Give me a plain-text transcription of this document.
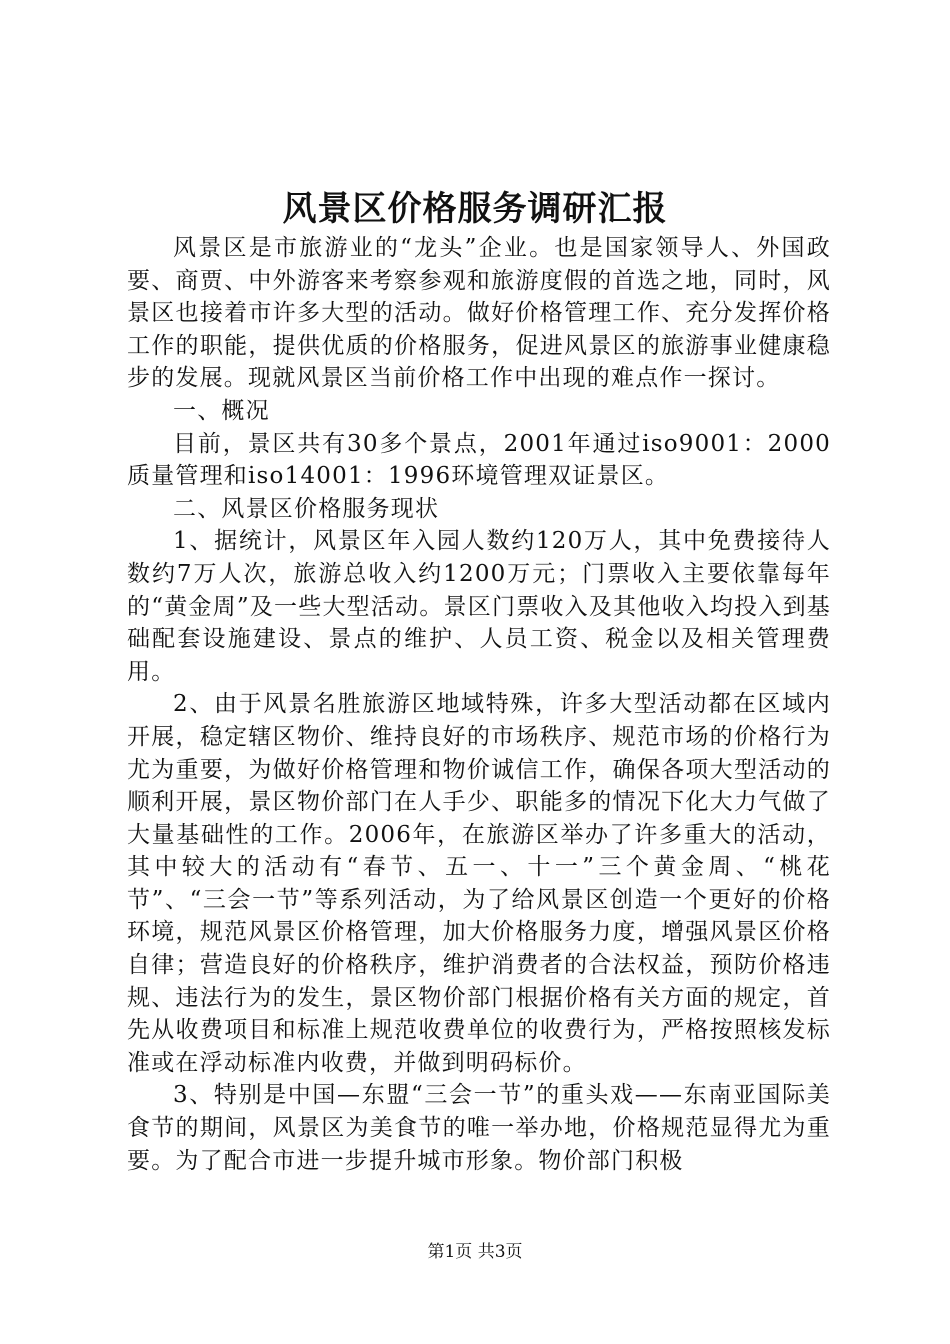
风景区价格服务调研汇报

风景区是市旅游业的“龙头”企业。也是国家领导人、外国政要、商贾、中外游客来考察参观和旅游度假的首选之地，同时，风景区也接着市许多大型的活动。做好价格管理工作、充分发挥价格工作的职能，提供优质的价格服务，促进风景区的旅游事业健康稳步的发展。现就风景区当前价格工作中出现的难点作一探讨。

一、概况

目前，景区共有30多个景点，2001年通过iso9001：2000质量管理和iso14001：1996环境管理双证景区。

二、风景区价格服务现状

1、据统计，风景区年入园人数约120万人，其中免费接待人数约7万人次，旅游总收入约1200万元；门票收入主要依靠每年的“黄金周”及一些大型活动。景区门票收入及其他收入均投入到基础配套设施建设、景点的维护、人员工资、税金以及相关管理费用。

2、由于风景名胜旅游区地域特殊，许多大型活动都在区域内开展，稳定辖区物价、维持良好的市场秩序、规范市场的价格行为尤为重要，为做好价格管理和物价诚信工作，确保各项大型活动的顺利开展，景区物价部门在人手少、职能多的情况下化大力气做了大量基础性的工作。2006年，在旅游区举办了许多重大的活动，其中较大的活动有“春节、五一、十一”三个黄金周、“桃花节”、“三会一节”等系列活动，为了给风景区创造一个更好的价格环境，规范风景区价格管理，加大价格服务力度，增强风景区价格自律；营造良好的价格秩序，维护消费者的合法权益，预防价格违规、违法行为的发生，景区物价部门根据价格有关方面的规定，首先从收费项目和标准上规范收费单位的收费行为，严格按照核发标准或在浮动标准内收费，并做到明码标价。

3、特别是中国—东盟“三会一节”的重头戏——东南亚国际美食节的期间，风景区为美食节的唯一举办地，价格规范显得尤为重要。为了配合市进一步提升城市形象。物价部门积极

第1页 共3页
